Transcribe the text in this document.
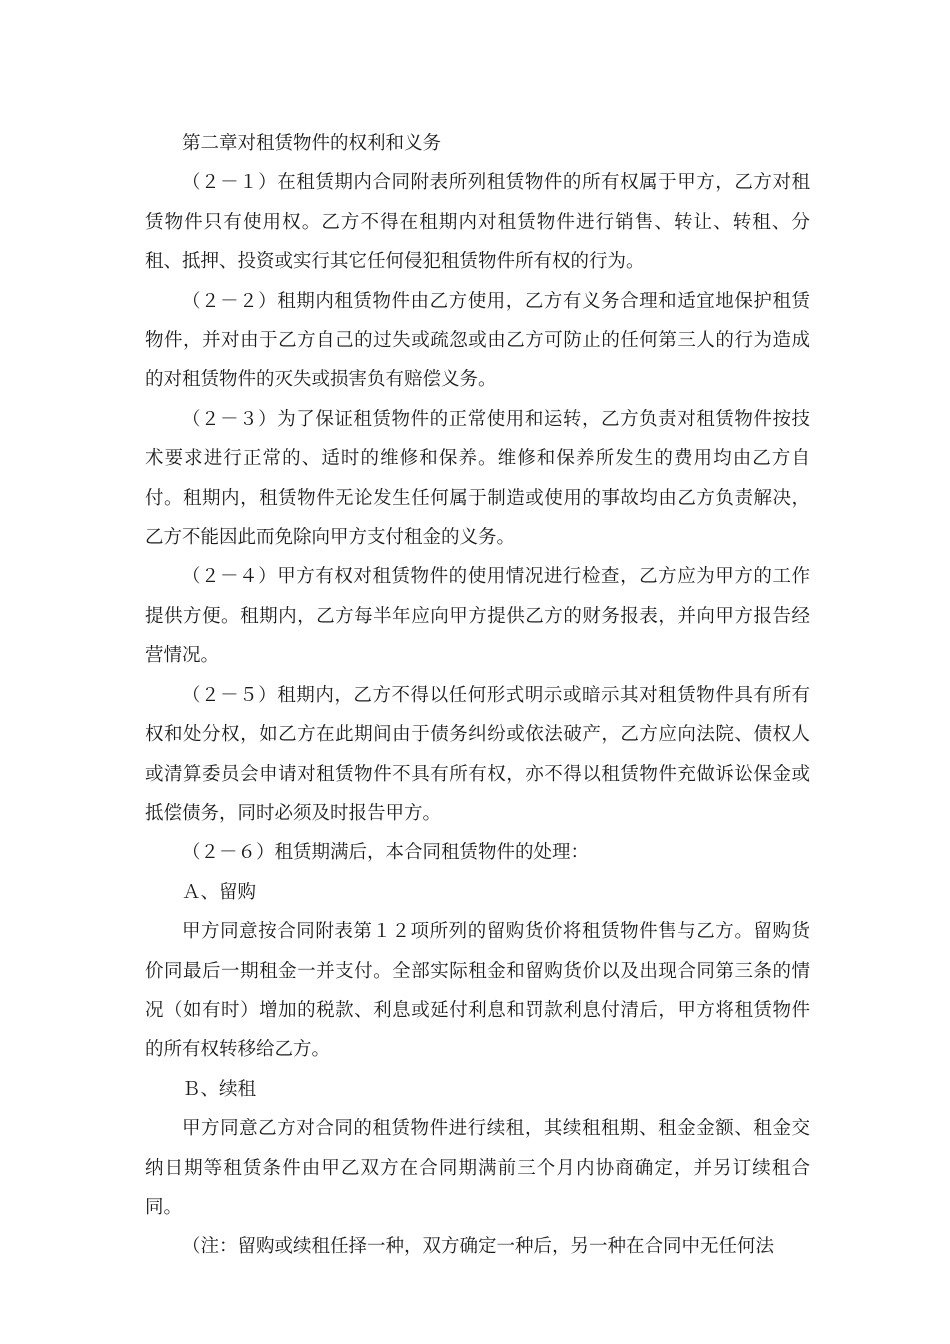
第二章对租赁物件的权利和义务

（２－１）在租赁期内合同附表所列租赁物件的所有权属于甲方，乙方对租赁物件只有使用权。乙方不得在租期内对租赁物件进行销售、转让、转租、分租、抵押、投资或实行其它任何侵犯租赁物件所有权的行为。

（２－２）租期内租赁物件由乙方使用，乙方有义务合理和适宜地保护租赁物件，并对由于乙方自己的过失或疏忽或由乙方可防止的任何第三人的行为造成的对租赁物件的灭失或损害负有赔偿义务。

（２－３）为了保证租赁物件的正常使用和运转，乙方负责对租赁物件按技术要求进行正常的、适时的维修和保养。维修和保养所发生的费用均由乙方自付。租期内，租赁物件无论发生任何属于制造或使用的事故均由乙方负责解决，乙方不能因此而免除向甲方支付租金的义务。

（２－４）甲方有权对租赁物件的使用情况进行检查，乙方应为甲方的工作提供方便。租期内，乙方每半年应向甲方提供乙方的财务报表，并向甲方报告经营情况。

（２－５）租期内，乙方不得以任何形式明示或暗示其对租赁物件具有所有权和处分权，如乙方在此期间由于债务纠纷或依法破产，乙方应向法院、债权人或清算委员会申请对租赁物件不具有所有权，亦不得以租赁物件充做诉讼保金或抵偿债务，同时必须及时报告甲方。

（２－６）租赁期满后，本合同租赁物件的处理：

Ａ、留购

甲方同意按合同附表第１２项所列的留购货价将租赁物件售与乙方。留购货价同最后一期租金一并支付。全部实际租金和留购货价以及出现合同第三条的情况（如有时）增加的税款、利息或延付利息和罚款利息付清后，甲方将租赁物件的所有权转移给乙方。

Ｂ、续租

甲方同意乙方对合同的租赁物件进行续租，其续租租期、租金金额、租金交纳日期等租赁条件由甲乙双方在合同期满前三个月内协商确定，并另订续租合同。

（注：留购或续租任择一种，双方确定一种后，另一种在合同中无任何法
